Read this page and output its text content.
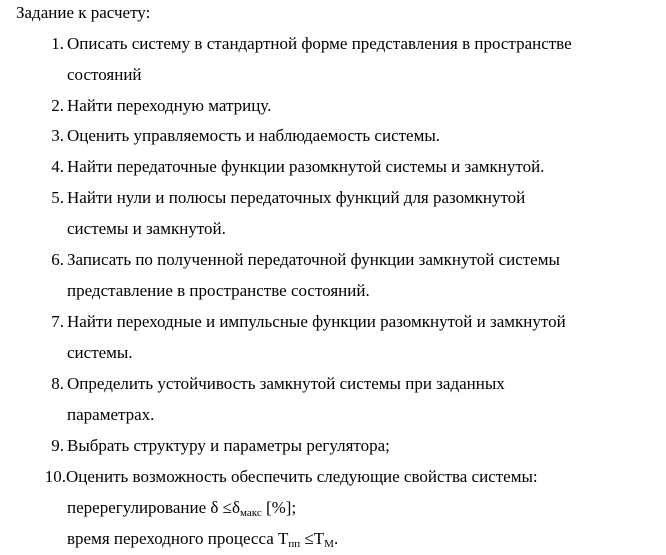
Задание к расчету:
1. Описать систему в стандартной форме представления в пространстве
состояний
2. Найти переходную матрицу.
3. Оценить управляемость и наблюдаемость системы.
4. Найти передаточные функции разомкнутой системы и замкнутой.
5. Найти нули и полюсы передаточных функций для разомкнутой
системы и замкнутой.
6. Записать по полученной передаточной функции замкнутой системы
представление в пространстве состояний.
7. Найти переходные и импульсные функции разомкнутой и замкнутой
системы.
8. Определить устойчивость замкнутой системы при заданных
параметрах.
9. Выбрать структуру и параметры регулятора;
10. Оценить возможность обеспечить следующие свойства системы:
перерегулирование $\delta \le\delta_{макс}$ [%];
время переходного процесса $T_{пп} \le T_М$.
